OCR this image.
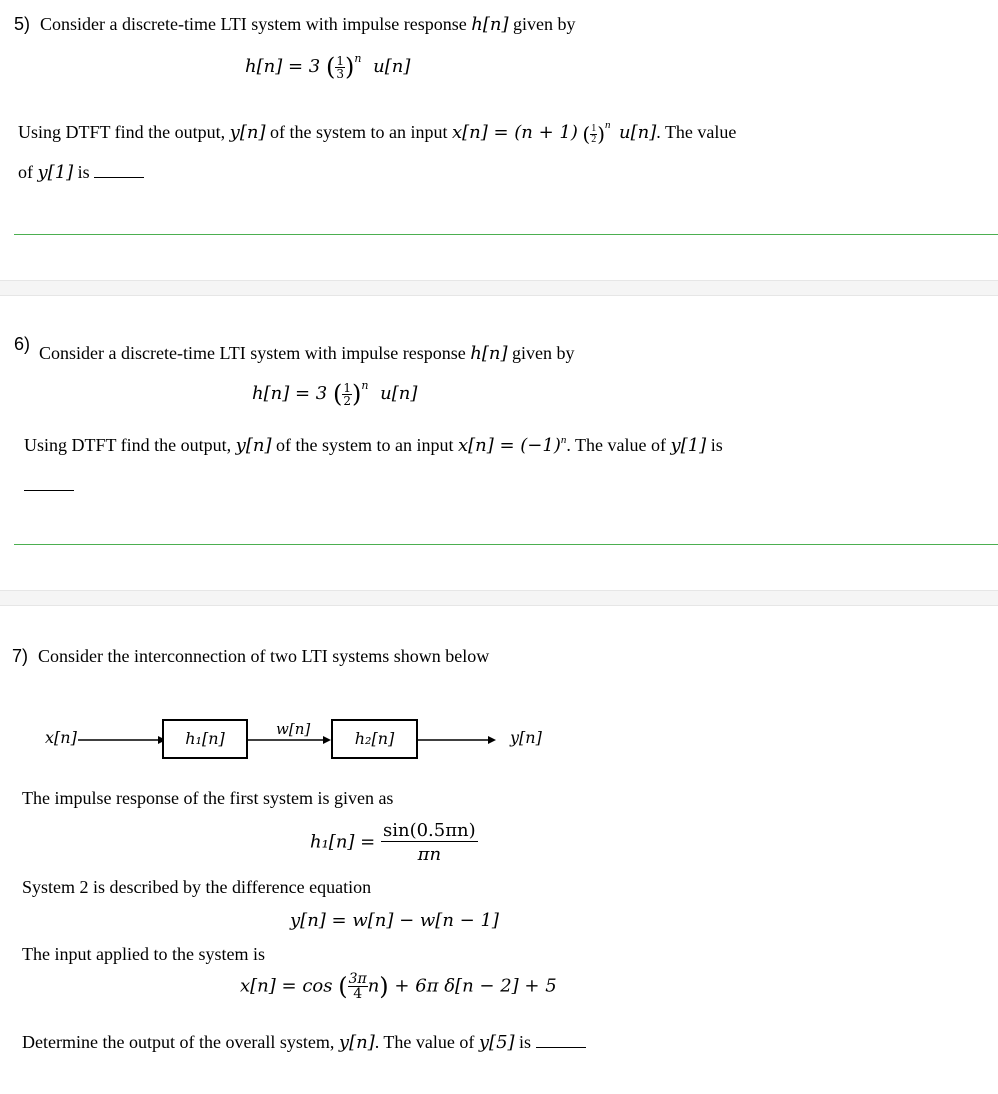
5) Consider a discrete-time LTI system with impulse response h[n] given by
h[n] = 3 ( $\frac{1}{3} )^n$ u[n]
Using DTFT find the output, y[n] of the system to an input x[n] = (n + 1) ( $\frac{1}{2} )^n$ u[n]. The value
of y[1] is
6) Consider a discrete-time LTI system with impulse response h[n] given by
h[n] = 3 ( $\frac{1}{2} )^n$ u[n]
Using DTFT find the output, y[n] of the system to an input $x[n] = (-1)^n$. The value of y[1] is
7) Consider the interconnection of two LTI systems shown below
x[n]	h₁[n]	w[n]	h₂[n]	y[n]
The impulse response of the first system is given as
$h_1[n] = \frac{\sin(0.5\pi n)}{\pi n}$
System 2 is described by the difference equation
y[n] = w[n] − w[n − 1]
The input applied to the system is
x[n] = cos ( $\frac{3\pi}{4} n) + 6\pi$ δ[n − 2] + 5
Determine the output of the overall system, y[n]. The value of y[5] is
